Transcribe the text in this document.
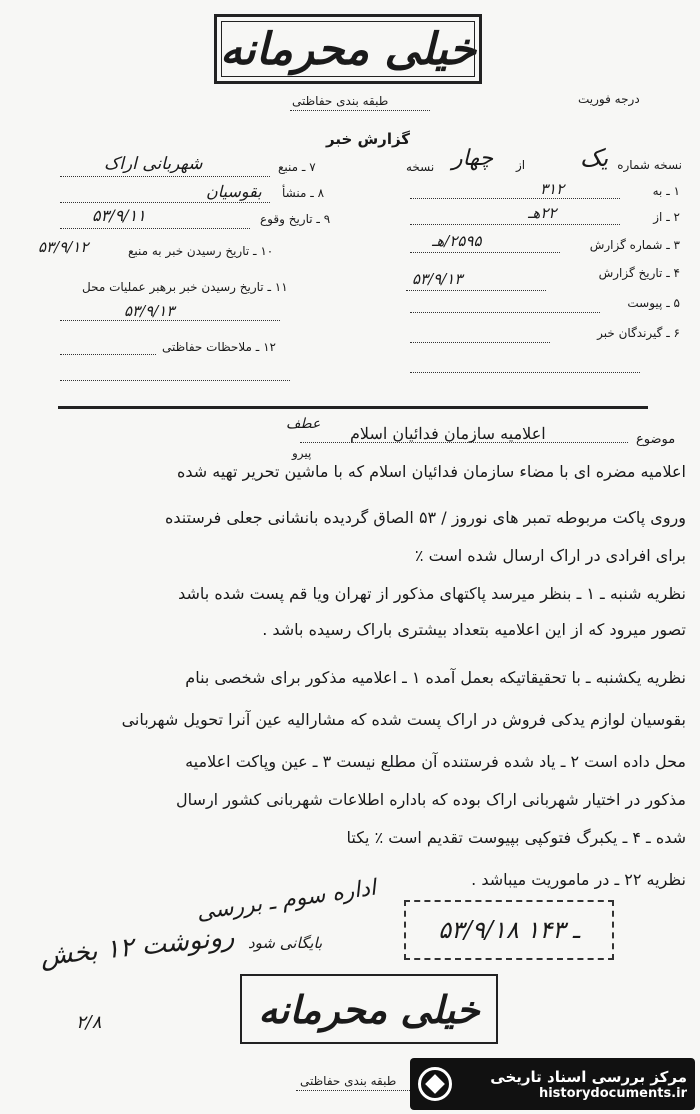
خیلی محرمانه
طبقه بندی حفاظتی	درجه فوریت
گزارش خبر
نسخه شماره
یک
از
چهار
نسخه
۱ ـ به
۳۱۲
۲ ـ از
۲۲هـ
۳ ـ شماره گزارش
۲۵۹۵/هـ
۴ ـ تاریخ گزارش
۵۳/۹/۱۳
۵ ـ پیوست
۶ ـ گیرندگان خبر
۷ ـ منبع
شهربانی اراک
۸ ـ منشأ
بقوسیان
۹ ـ تاریخ وقوع
۵۳/۹/۱۱
۱۰ ـ تاریخ رسیدن خبر به منبع
۵۳/۹/۱۲
۱۱ ـ تاریخ رسیدن خبر برهبر عملیات محل
۵۳/۹/۱۳
۱۲ ـ ملاحظات حفاظتی
موضوع
اعلامیه سازمان فدائیان اسلام
عطف
پیرو
اعلامیه مضره ای با مضاء سازمان فدائیان اسلام که با ماشین تحریر تهیه شده
وروی پاکت مربوطه تمبر های نوروز / ۵۳ الصاق گردیده بانشانی جعلی فرستنده
برای افرادی در اراک ارسال شده است ٪
نظریه شنبه ـ ۱ ـ بنظر میرسد پاکتهای مذکور از تهران ویا قم پست شده باشد
تصور میرود که از این اعلامیه بتعداد بیشتری باراک رسیده باشد .
نظریه یکشنبه ـ با تحقیقاتیکه بعمل آمده ۱ ـ اعلامیه مذکور برای شخصی بنام
بقوسیان لوازم یدکی فروش در اراک پست شده که مشارالیه عین آنرا تحویل شهربانی
محل داده است ۲ ـ یاد شده فرستنده آن مطلع نیست ۳ ـ عین وپاکت اعلامیه
مذکور در اختیار شهربانی اراک بوده که باداره اطلاعات شهربانی کشور ارسال
شده ـ ۴ ـ یکبرگ فتوکپی بپیوست تقدیم است ٪ یکتا
نظریه ۲۲ ـ در ماموریت میباشد .
اداره سوم ـ بررسی
بایگانی شود
رونوشت ۱۲ بخش	۵۳/۹/۱۸ ـ ۱۴۳
۲/۸	خیلی محرمانه
طبقه بندی حفاظتی	مرکز بررسی اسناد تاریخی
historydocuments.ir
